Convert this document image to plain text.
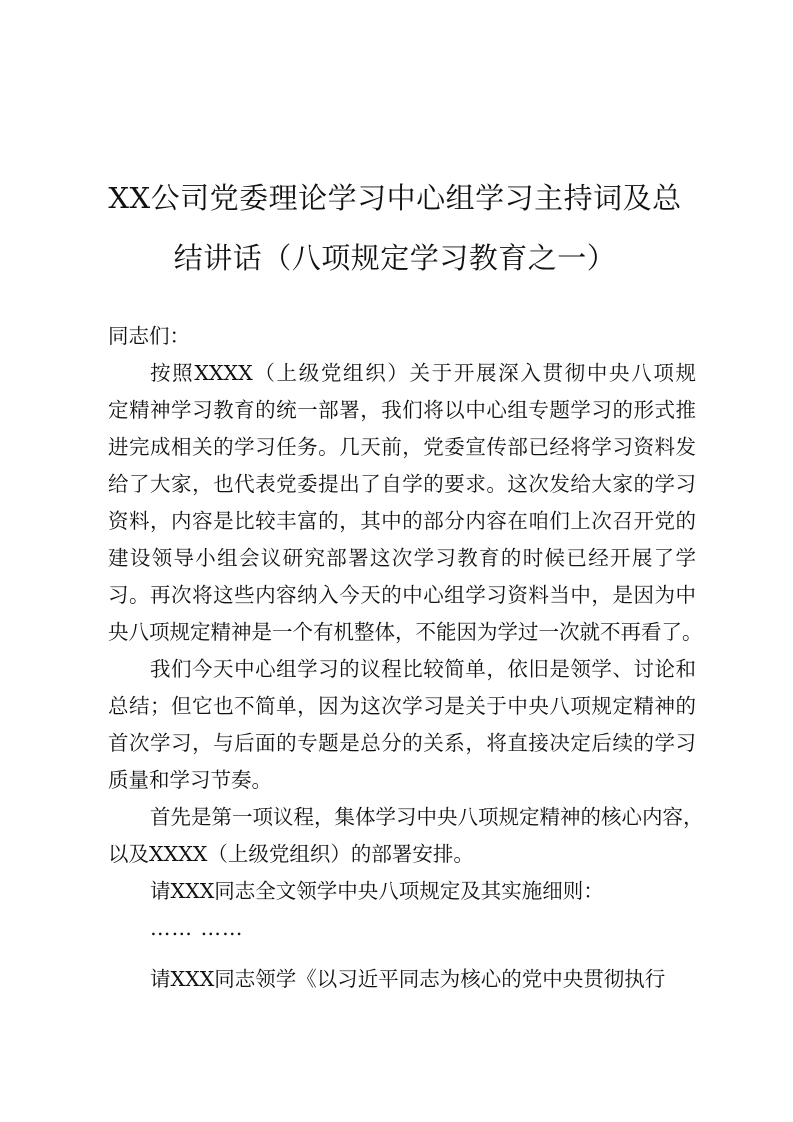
XX公司党委理论学习中心组学习主持词及总
结讲话（八项规定学习教育之一）
同志们：
按照XXXX（上级党组织）关于开展深入贯彻中央八项规
定精神学习教育的统一部署，我们将以中心组专题学习的形式推
进完成相关的学习任务。几天前，党委宣传部已经将学习资料发
给了大家，也代表党委提出了自学的要求。这次发给大家的学习
资料，内容是比较丰富的，其中的部分内容在咱们上次召开党的
建设领导小组会议研究部署这次学习教育的时候已经开展了学
习。再次将这些内容纳入今天的中心组学习资料当中，是因为中
央八项规定精神是一个有机整体，不能因为学过一次就不再看了。
我们今天中心组学习的议程比较简单，依旧是领学、讨论和
总结；但它也不简单，因为这次学习是关于中央八项规定精神的
首次学习，与后面的专题是总分的关系，将直接决定后续的学习
质量和学习节奏。
首先是第一项议程，集体学习中央八项规定精神的核心内容，
以及XXXX（上级党组织）的部署安排。
请XXX同志全文领学中央八项规定及其实施细则：
…… ……
请XXX同志领学《以习近平同志为核心的党中央贯彻执行
